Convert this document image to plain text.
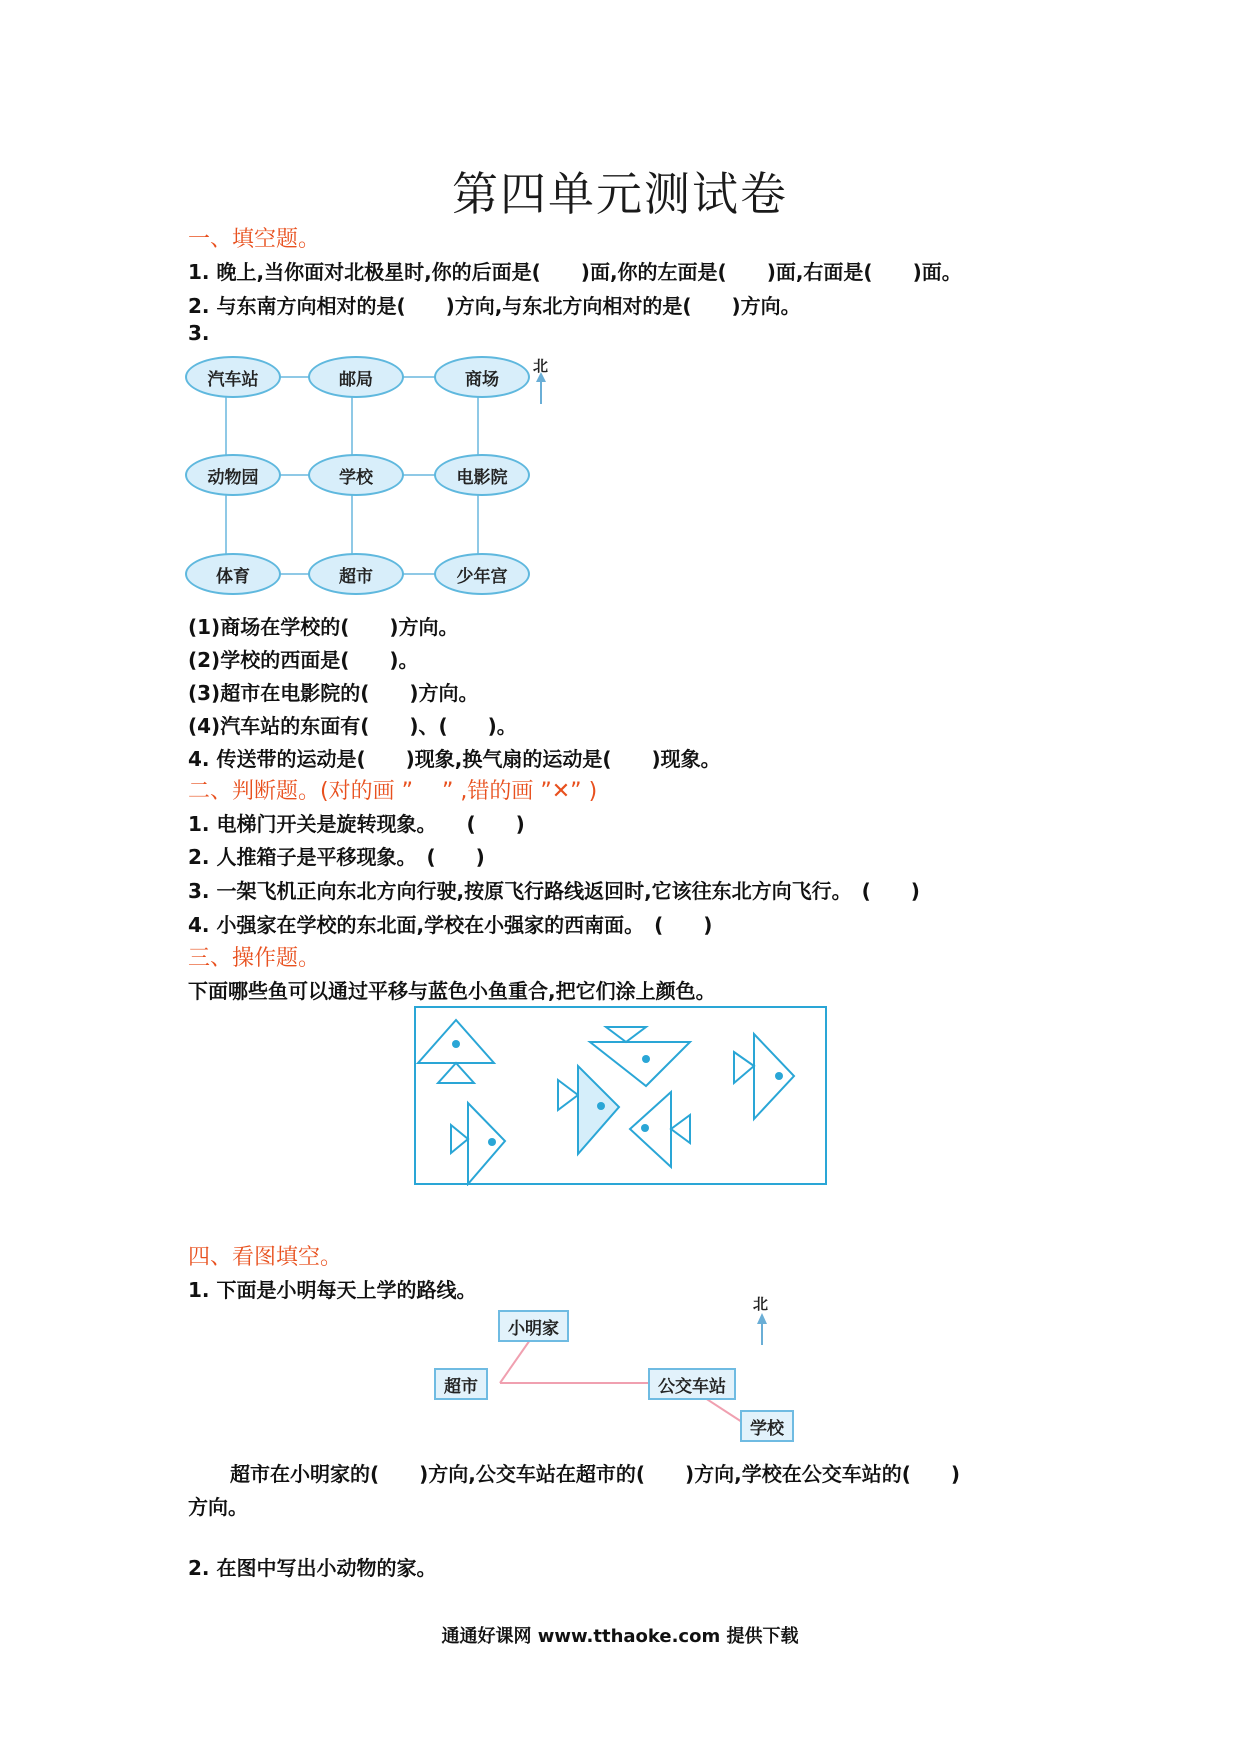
第四单元测试卷
一、填空题。
1. 晚上,当你面对北极星时,你的后面是(　　)面,你的左面是(　　)面,右面是(　　)面。
2. 与东南方向相对的是(　　)方向,与东北方向相对的是(　　)方向。
3.
北
汽车站	邮局	商场
动物园	学校	电影院
体育	超市	少年宫
(1)商场在学校的(　　)方向。
(2)学校的西面是(　　)。
(3)超市在电影院的(　　)方向。
(4)汽车站的东面有(　　)、(　　)。
4. 传送带的运动是(　　)现象,换气扇的运动是(　　)现象。
二、判断题。(对的画 ” 　” ,错的画 ”✕” )
1. 电梯门开关是旋转现象。　　(　　)
2. 人推箱子是平移现象。　(　　)
3. 一架飞机正向东北方向行驶,按原飞行路线返回时,它该往东北方向飞行。　(　　)
4. 小强家在学校的东北面,学校在小强家的西南面。　(　　)
三、操作题。
下面哪些鱼可以通过平移与蓝色小鱼重合,把它们涂上颜色。
四、看图填空。
1. 下面是小明每天上学的路线。
北
小明家
超市	公交车站
学校
超市在小明家的(　　)方向,公交车站在超市的(　　)方向,学校在公交车站的(　　)
方向。
2. 在图中写出小动物的家。
通通好课网 www.tthaoke.com 提供下载
